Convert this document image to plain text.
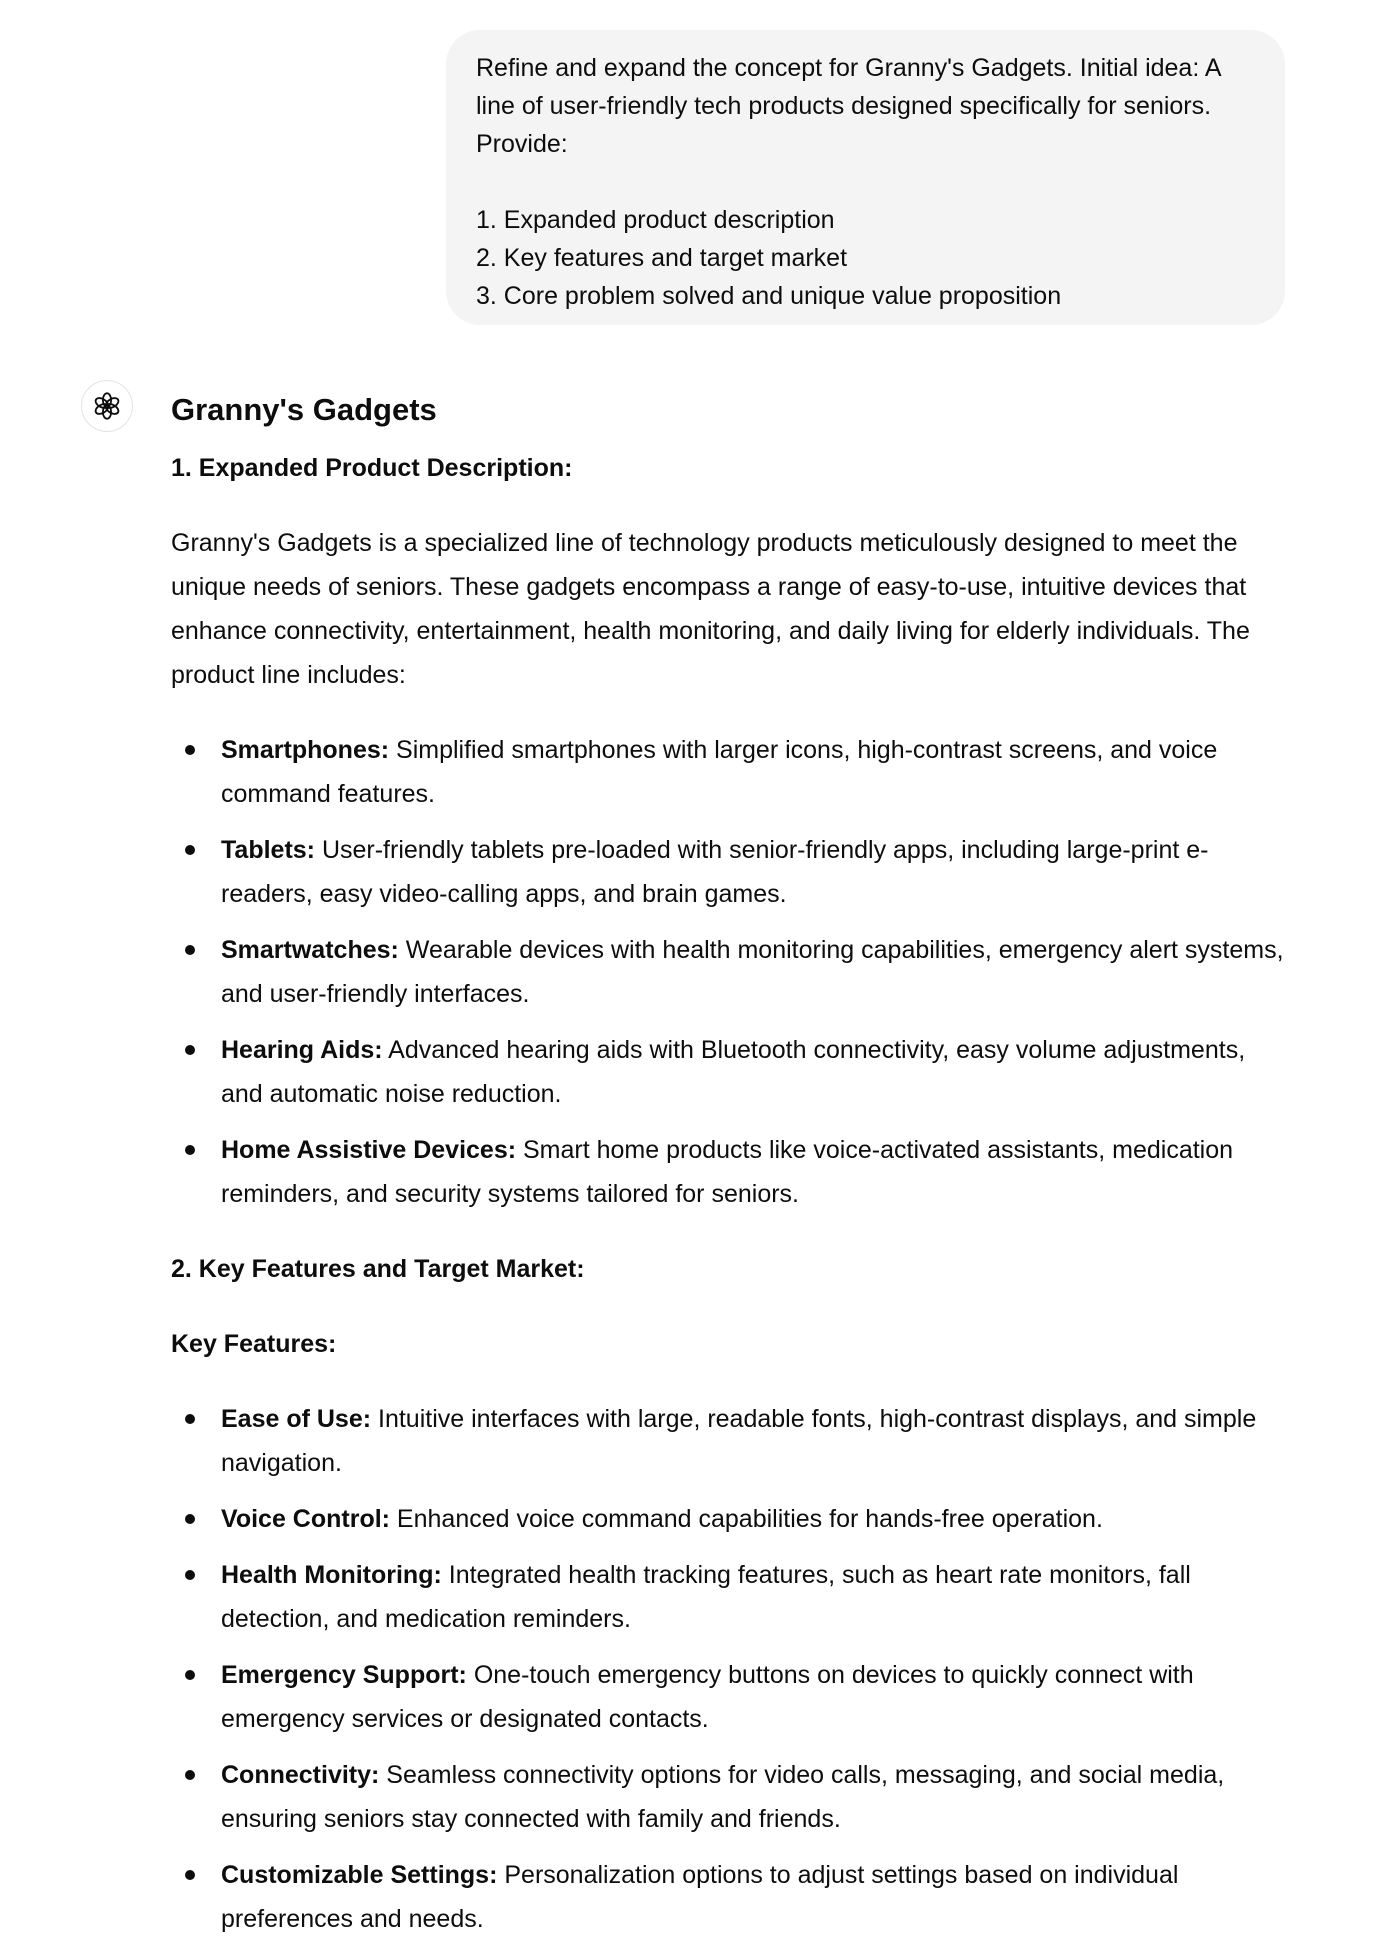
Refine and expand the concept for Granny's Gadgets. Initial idea: A line of user-friendly tech products designed specifically for seniors. Provide:

1. Expanded product description

2. Key features and target market

3. Core problem solved and unique value proposition

Granny's Gadgets

1. Expanded Product Description:

Granny's Gadgets is a specialized line of technology products meticulously designed to meet the unique needs of seniors. These gadgets encompass a range of easy-to-use, intuitive devices that enhance connectivity, entertainment, health monitoring, and daily living for elderly individuals. The product line includes:

Smartphones: Simplified smartphones with larger icons, high-contrast screens, and voice command features.
Tablets: User-friendly tablets pre-loaded with senior-friendly apps, including large-print e-readers, easy video-calling apps, and brain games.
Smartwatches: Wearable devices with health monitoring capabilities, emergency alert systems, and user-friendly interfaces.
Hearing Aids: Advanced hearing aids with Bluetooth connectivity, easy volume adjustments, and automatic noise reduction.
Home Assistive Devices: Smart home products like voice-activated assistants, medication reminders, and security systems tailored for seniors.

2. Key Features and Target Market:

Key Features:

Ease of Use: Intuitive interfaces with large, readable fonts, high-contrast displays, and simple navigation.
Voice Control: Enhanced voice command capabilities for hands-free operation.
Health Monitoring: Integrated health tracking features, such as heart rate monitors, fall detection, and medication reminders.
Emergency Support: One-touch emergency buttons on devices to quickly connect with emergency services or designated contacts.
Connectivity: Seamless connectivity options for video calls, messaging, and social media, ensuring seniors stay connected with family and friends.
Customizable Settings: Personalization options to adjust settings based on individual preferences and needs.
